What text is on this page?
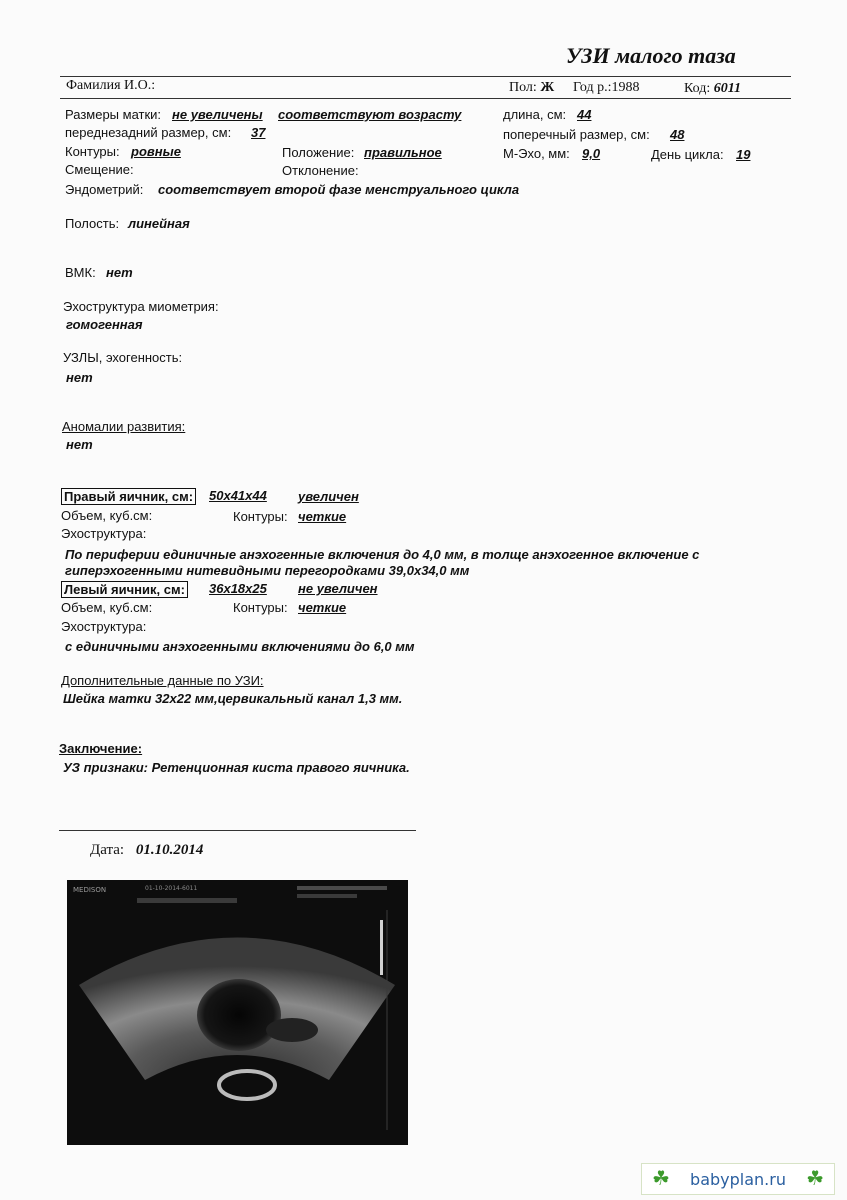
УЗИ малого таза
Фамилия И.О.:	Пол: Ж Год р.:1988	Код: 6011
Размеры матки: не увеличены соответствуют возрасту	длина, см: 44
переднезадний размер, см: 37	поперечный размер, см: 48
Контуры: ровные	Положение: правильное	М-Эхо, мм: 9,0	День цикла: 19
Смещение:	Отклонение:
Эндометрий: соответствует второй фазе менструального цикла
Полость: линейная
ВМК: нет
Эхоструктура миометрия:
гомогенная
УЗЛЫ, эхогенность:
нет
Аномалии развития:
нет
Правый яичник, см: 50х41х44 увеличен
Объем, куб.см:	Контуры: четкие
Эхоструктура:
По периферии единичные анэхогенные включения до 4,0 мм, в толще анэхогенное включение с
гиперэхогенными нитевидными перегородками 39,0х34,0 мм
Левый яичник, см: 36х18х25 не увеличен
Объем, куб.см:	Контуры: четкие
Эхоструктура:
с единичными анэхогенными включениями до 6,0 мм
Дополнительные данные по УЗИ:
Шейка матки 32х22 мм,цервикальный канал 1,3 мм.
Заключение:
УЗ признаки: Ретенционная киста правого яичника.
Дата: 01.10.2014
MEDISON	01-10-2014-6011
☘ babyplan.ru ☘
